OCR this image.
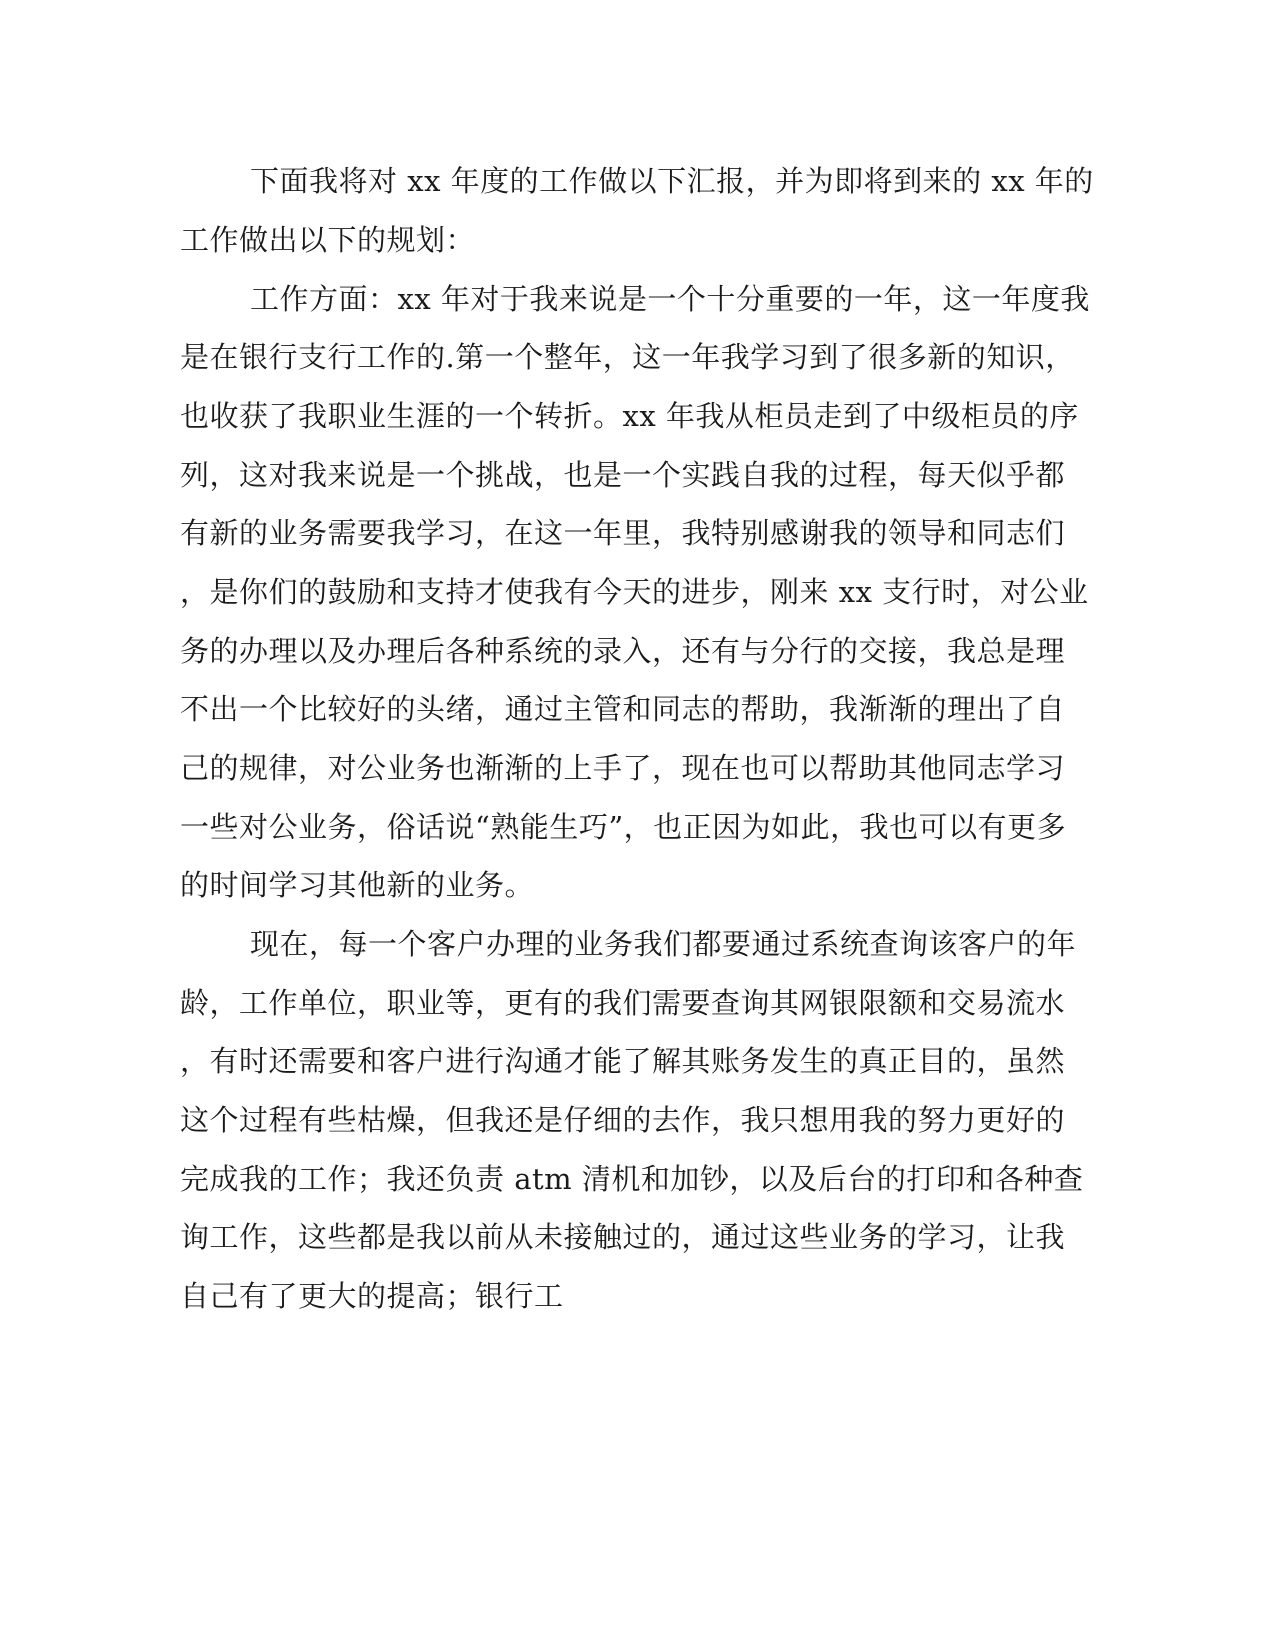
下面我将对 xx 年度的工作做以下汇报，并为即将到来的 xx 年的
工作做出以下的规划：
工作方面：xx 年对于我来说是一个十分重要的一年，这一年度我
是在银行支行工作的.第一个整年，这一年我学习到了很多新的知识，
也收获了我职业生涯的一个转折。xx 年我从柜员走到了中级柜员的序
列，这对我来说是一个挑战，也是一个实践自我的过程，每天似乎都
有新的业务需要我学习，在这一年里，我特别感谢我的领导和同志们
，是你们的鼓励和支持才使我有今天的进步，刚来 xx 支行时，对公业
务的办理以及办理后各种系统的录入，还有与分行的交接，我总是理
不出一个比较好的头绪，通过主管和同志的帮助，我渐渐的理出了自
己的规律，对公业务也渐渐的上手了，现在也可以帮助其他同志学习
一些对公业务，俗话说“熟能生巧”，也正因为如此，我也可以有更多
的时间学习其他新的业务。
现在，每一个客户办理的业务我们都要通过系统查询该客户的年
龄，工作单位，职业等，更有的我们需要查询其网银限额和交易流水
，有时还需要和客户进行沟通才能了解其账务发生的真正目的，虽然
这个过程有些枯燥，但我还是仔细的去作，我只想用我的努力更好的
完成我的工作；我还负责 atm 清机和加钞，以及后台的打印和各种查
询工作，这些都是我以前从未接触过的，通过这些业务的学习，让我
自己有了更大的提高；银行工
